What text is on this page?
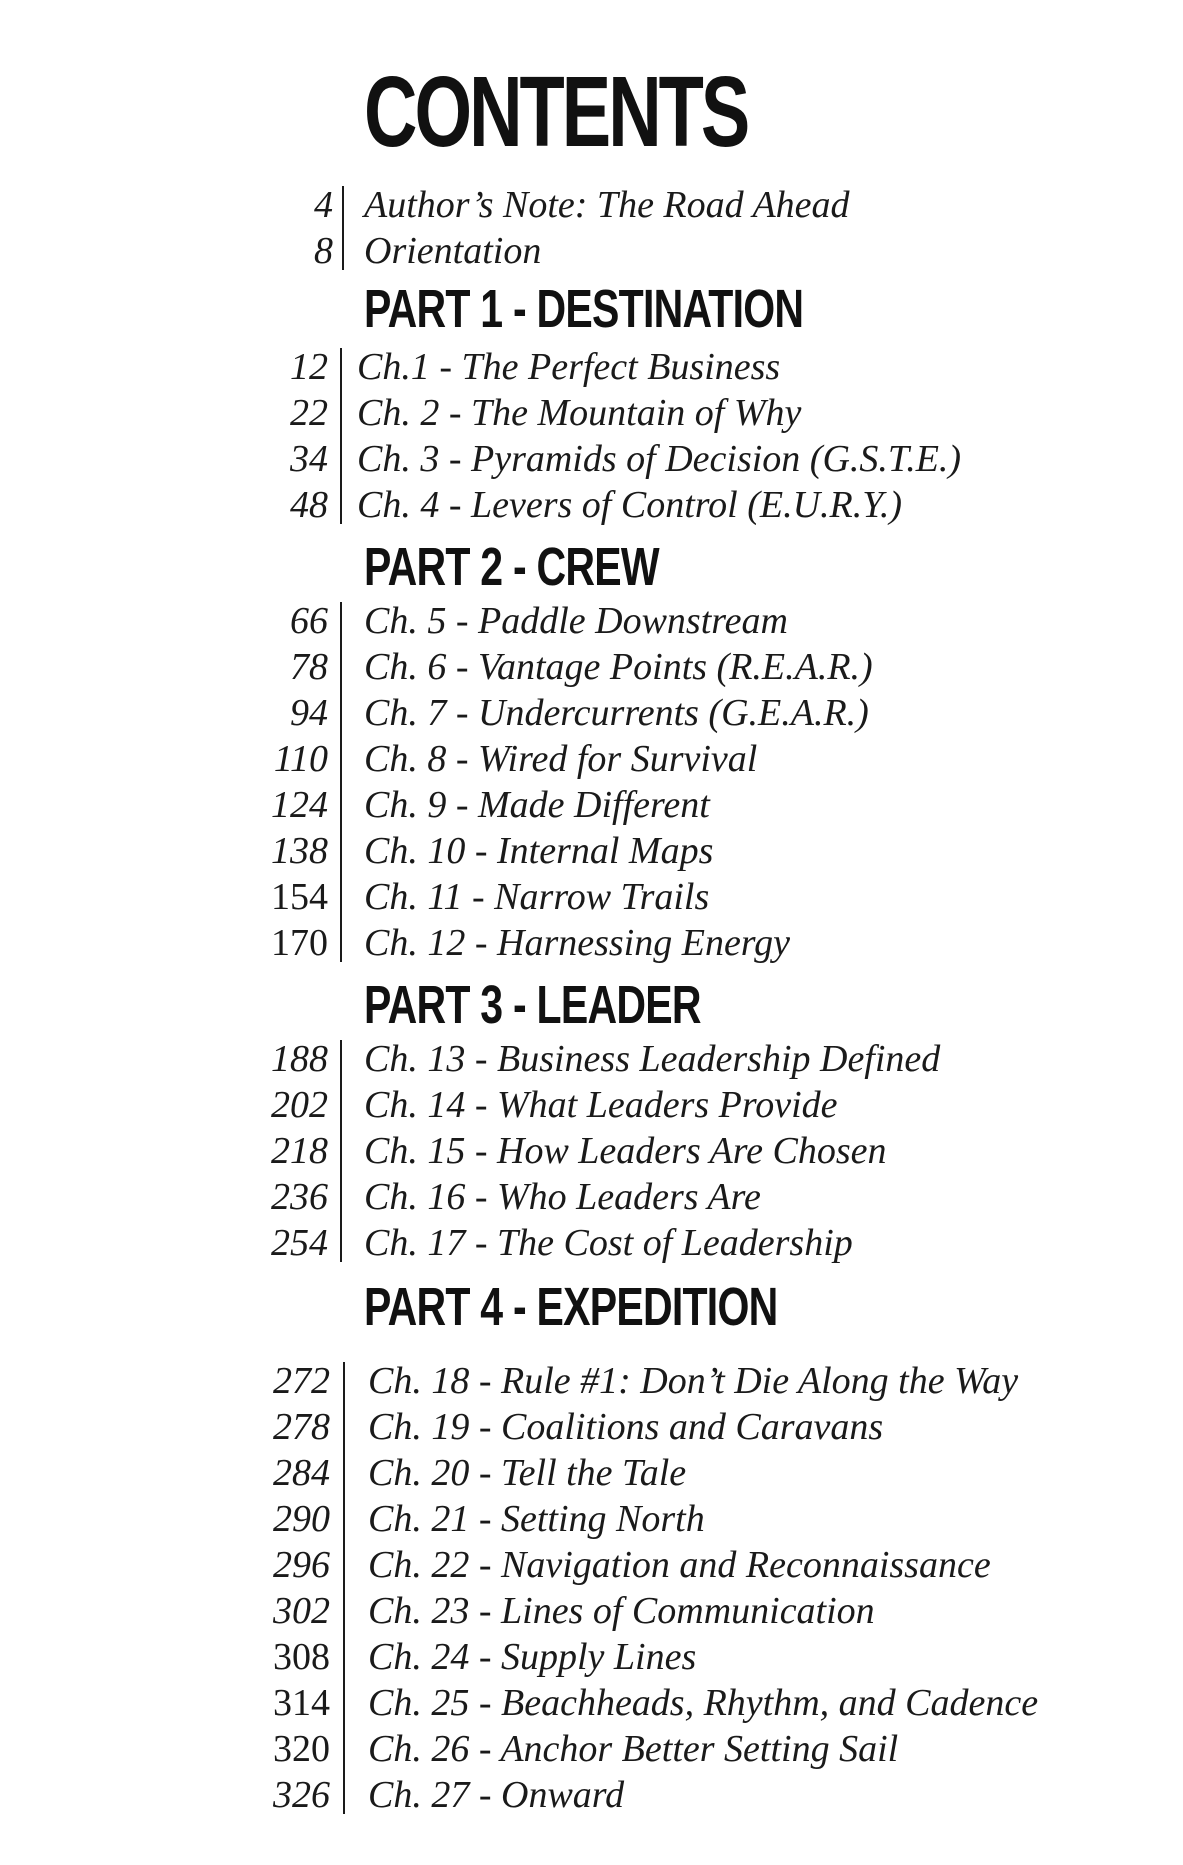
CONTENTS
4 Author’s Note: The Road Ahead
8 Orientation
PART 1 - DESTINATION
12 Ch.1 - The Perfect Business
22 Ch. 2 - The Mountain of Why
34 Ch. 3 - Pyramids of Decision (G.S.T.E.)
48 Ch. 4 - Levers of Control (E.U.R.Y.)
PART 2 - CREW
66 Ch. 5 - Paddle Downstream
78 Ch. 6 - Vantage Points (R.E.A.R.)
94 Ch. 7 - Undercurrents (G.E.A.R.)
110 Ch. 8 - Wired for Survival
124 Ch. 9 - Made Different
138 Ch. 10 - Internal Maps
154 Ch. 11 - Narrow Trails
170 Ch. 12 - Harnessing Energy
PART 3 - LEADER
188 Ch. 13 - Business Leadership Defined
202 Ch. 14 - What Leaders Provide
218 Ch. 15 - How Leaders Are Chosen
236 Ch. 16 - Who Leaders Are
254 Ch. 17 - The Cost of Leadership
PART 4 - EXPEDITION
272 Ch. 18 - Rule #1: Don’t Die Along the Way
278 Ch. 19 - Coalitions and Caravans
284 Ch. 20 - Tell the Tale
290 Ch. 21 - Setting North
296 Ch. 22 - Navigation and Reconnaissance
302 Ch. 23 - Lines of Communication
308 Ch. 24 - Supply Lines
314 Ch. 25 - Beachheads, Rhythm, and Cadence
320 Ch. 26 - Anchor Better Setting Sail
326 Ch. 27 - Onward
